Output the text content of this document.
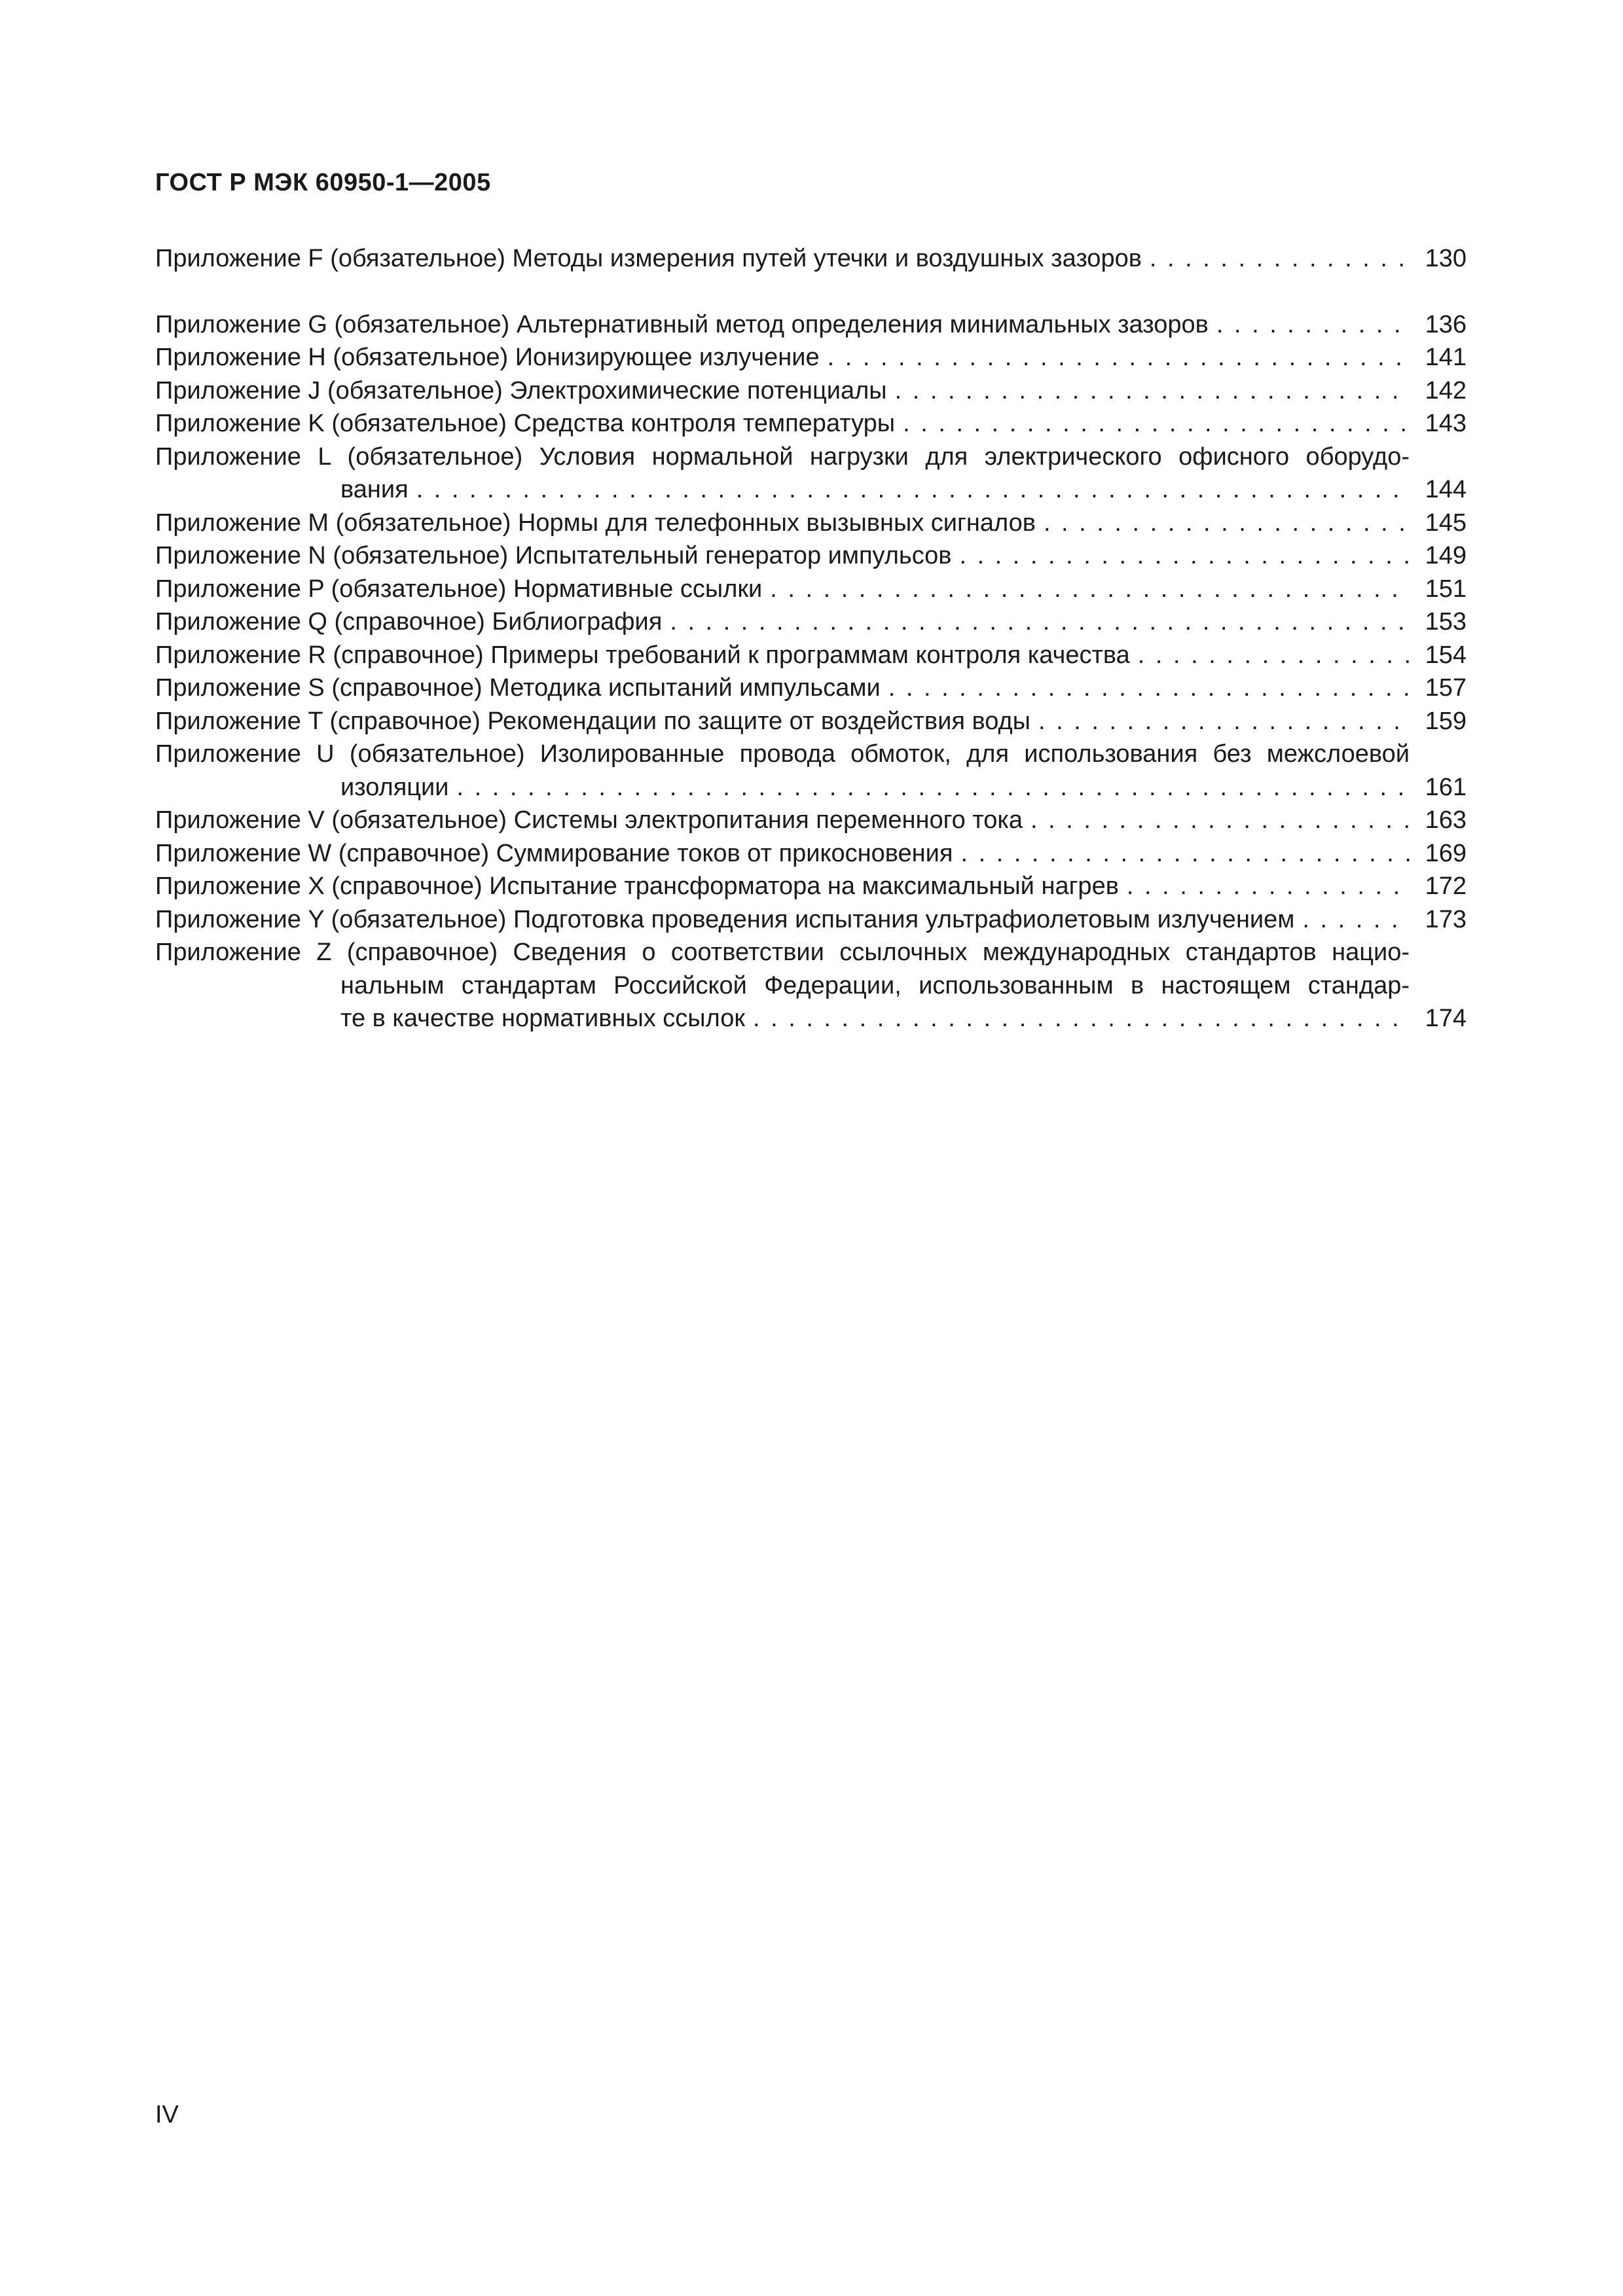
ГОСТ Р МЭК 60950-1—2005
Приложение F (обязательное) Методы измерения путей утечки и воздушных зазоров . . .	130
Приложение G (обязательное) Альтернативный метод определения минимальных зазоров . . .	136
Приложение H (обязательное) Ионизирующее излучение . . .	141
Приложение J (обязательное) Электрохимические потенциалы . . .	142
Приложение K (обязательное) Средства контроля температуры . . .	143
Приложение L (обязательное) Условия нормальной нагрузки для электрического офисного оборудо-
вания . . .	144
Приложение M (обязательное) Нормы для телефонных вызывных сигналов . . .	145
Приложение N (обязательное) Испытательный генератор импульсов . . .	149
Приложение P (обязательное) Нормативные ссылки . . .	151
Приложение Q (справочное) Библиография . . .	153
Приложение R (справочное) Примеры требований к программам контроля качества . . .	154
Приложение S (справочное) Методика испытаний импульсами . . .	157
Приложение T (справочное) Рекомендации по защите от воздействия воды . . .	159
Приложение U (обязательное) Изолированные провода обмоток, для использования без межслоевой
изоляции . . .	161
Приложение V (обязательное) Системы электропитания переменного тока . . .	163
Приложение W (справочное) Суммирование токов от прикосновения . . .	169
Приложение X (справочное) Испытание трансформатора на максимальный нагрев . . .	172
Приложение Y (обязательное) Подготовка проведения испытания ультрафиолетовым излучением . . .	173
Приложение Z (справочное) Сведения о соответствии ссылочных международных стандартов нацио-
нальным стандартам Российской Федерации, использованным в настоящем стандар-
те в качестве нормативных ссылок . . .	174
IV
